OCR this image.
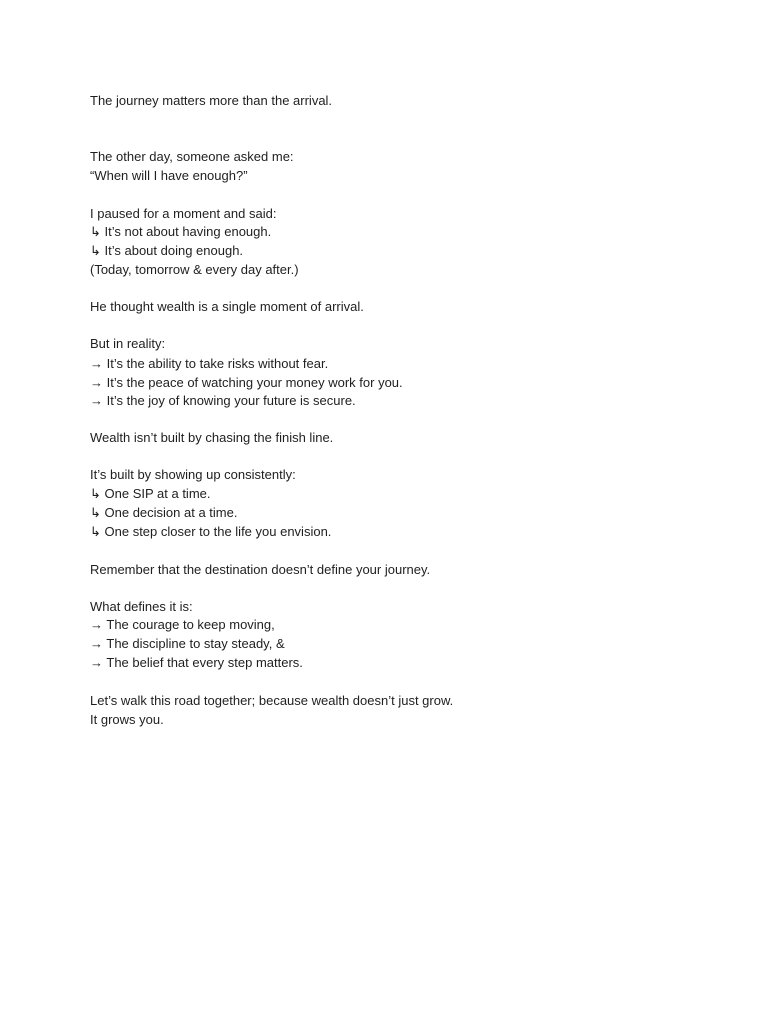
The journey matters more than the arrival.

The other day, someone asked me:

“When will I have enough?”

I paused for a moment and said:

↳ It’s not about having enough.

↳ It’s about doing enough.

(Today, tomorrow & every day after.)

He thought wealth is a single moment of arrival.

But in reality:

→ It’s the ability to take risks without fear.

→ It’s the peace of watching your money work for you.

→ It’s the joy of knowing your future is secure.

Wealth isn’t built by chasing the finish line.

It’s built by showing up consistently:

↳ One SIP at a time.

↳ One decision at a time.

↳ One step closer to the life you envision.

Remember that the destination doesn’t define your journey.

What defines it is:

→ The courage to keep moving,

→ The discipline to stay steady, &

→ The belief that every step matters.

Let’s walk this road together; because wealth doesn’t just grow.

It grows you.
